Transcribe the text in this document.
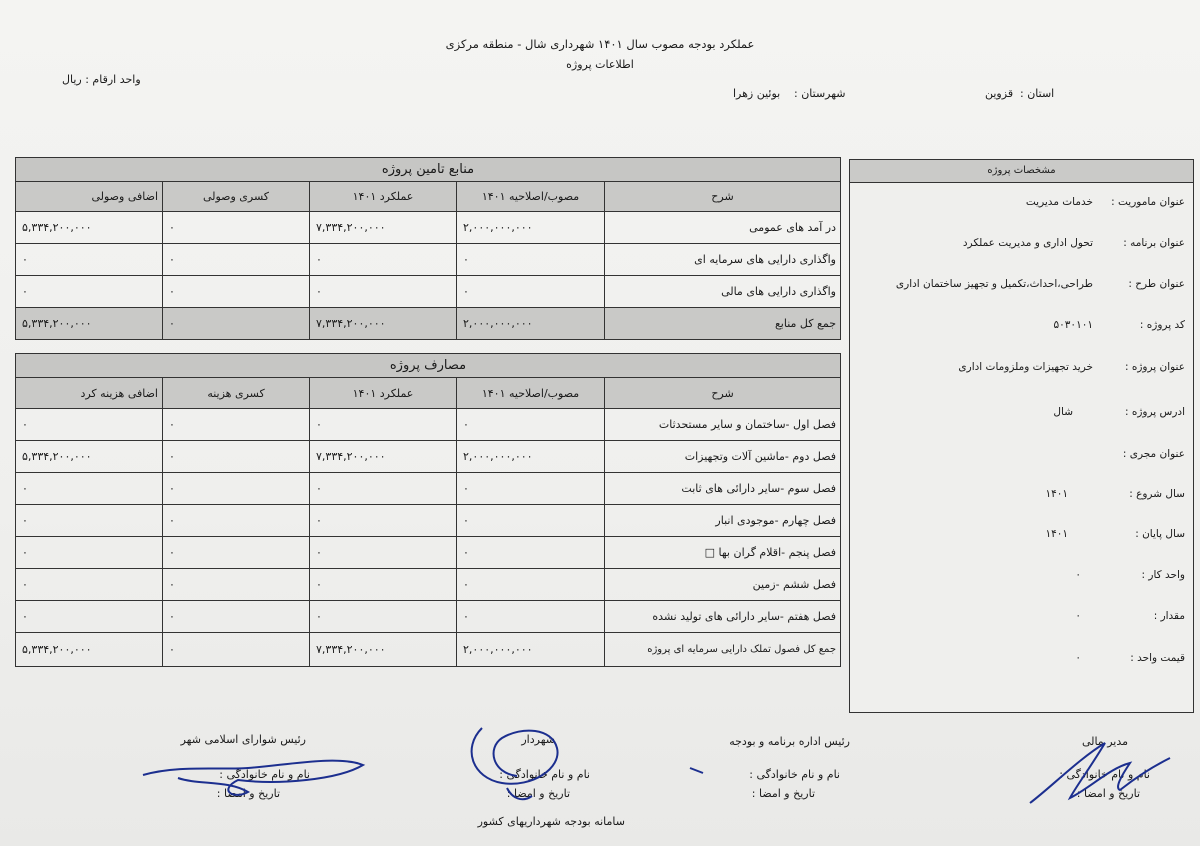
عملکرد بودجه مصوب سال ۱۴۰۱ شهرداری شال - منطقه مرکزی
اطلاعات پروژه
واحد ارقام : ریال
استان :
قزوین
شهرستان :
بوئین زهرا
منابع تامین پروژه				
اضافی وصولی	کسری وصولی	عملکرد ۱۴۰۱	مصوب/اصلاحیه ۱۴۰۱	شرح
۵,۳۳۴,۲۰۰,۰۰۰	۰	۷,۳۳۴,۲۰۰,۰۰۰	۲,۰۰۰,۰۰۰,۰۰۰	در آمد های عمومی
۰	۰	۰	۰	واگذاری دارایی های سرمایه ای
۰	۰	۰	۰	واگذاری دارایی های مالی
۵,۳۳۴,۲۰۰,۰۰۰	۰	۷,۳۳۴,۲۰۰,۰۰۰	۲,۰۰۰,۰۰۰,۰۰۰	جمع کل منابع
مصارف پروژه				
اضافی هزینه کرد	کسری هزینه	عملکرد ۱۴۰۱	مصوب/اصلاحیه ۱۴۰۱	شرح
۰	۰	۰	۰	فصل اول -ساختمان و سایر مستحدثات
۵,۳۳۴,۲۰۰,۰۰۰	۰	۷,۳۳۴,۲۰۰,۰۰۰	۲,۰۰۰,۰۰۰,۰۰۰	فصل دوم -ماشین آلات وتجهیزات
۰	۰	۰	۰	فصل سوم -سایر دارائی های ثابت
۰	۰	۰	۰	فصل چهارم -موجودی انبار
۰	۰	۰	۰	فصل پنجم -اقلام گران بها □
۰	۰	۰	۰	فصل ششم -زمین
۰	۰	۰	۰	فصل هفتم -سایر دارائی های تولید نشده
۵,۳۳۴,۲۰۰,۰۰۰	۰	۷,۳۳۴,۲۰۰,۰۰۰	۲,۰۰۰,۰۰۰,۰۰۰	جمع کل فصول تملک دارایی سرمایه ای پروژه
مشخصات پروژه
عنوان ماموریت :
خدمات مدیریت
عنوان برنامه :
تحول اداری و مدیریت عملکرد
عنوان طرح :
طراحی،احداث،تکمیل و تجهیز ساختمان اداری
کد پروژه :
۵۰۳۰۱۰۱
عنوان پروژه :
خرید تجهیزات وملزومات اداری
ادرس پروژه :
شال
عنوان مجری :
سال شروع :
۱۴۰۱
سال پایان :
۱۴۰۱
واحد کار :
۰
مقدار :
۰
قیمت واحد :
۰
مدیر مالی
نام و نام خانوادگی :
تاریخ و امضا :
رئیس اداره برنامه و بودجه
نام و نام خانوادگی :
تاریخ و امضا :
شهردار
نام و نام خانوادگی :
تاریخ و امضا :
رئیس شوارای اسلامی شهر
نام و نام خانوادگی :
تاریخ و امضا :
سامانه بودجه شهرداریهای کشور
